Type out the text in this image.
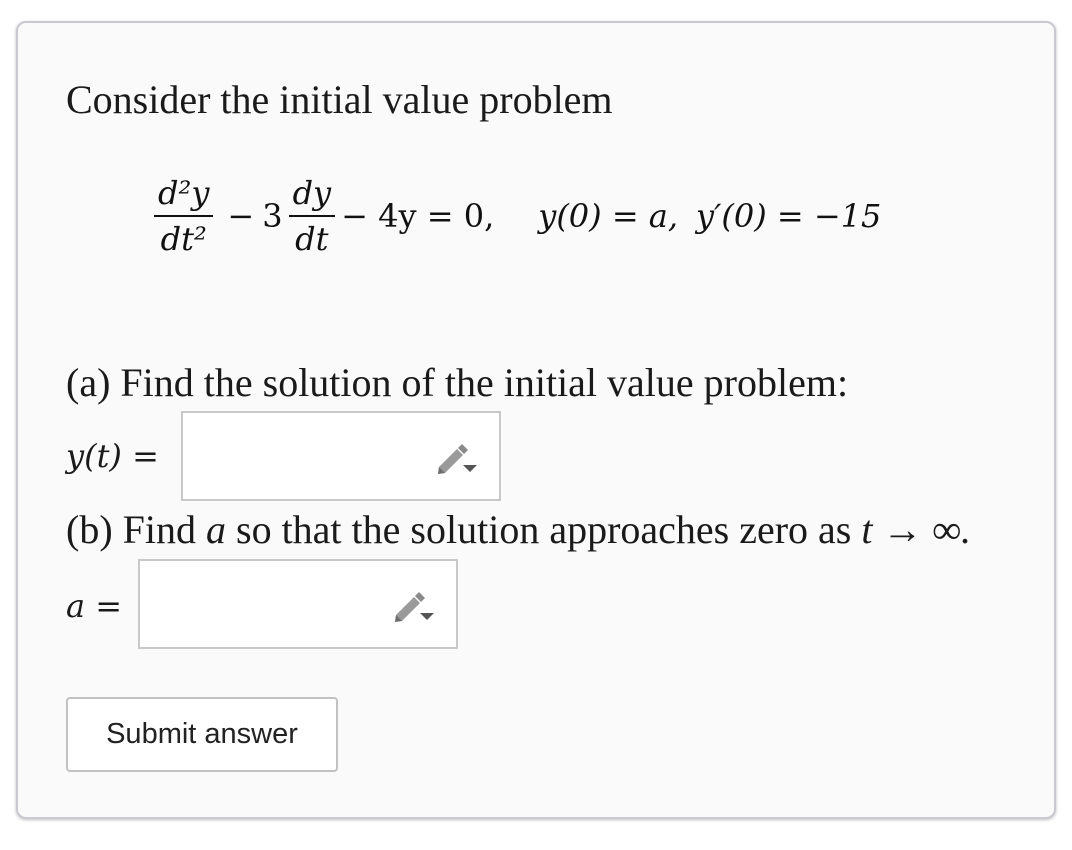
Consider the initial value problem
$\frac{\text{d²y}}{\text{dt²}} - 3 \frac{dy}{dt} - 4y = 0$, y(0) = a, y′(0) = −15
(a) Find the solution of the initial value problem:
y(t) =
(b) Find a so that the solution approaches zero as t → ∞.
a =
Submit answer
